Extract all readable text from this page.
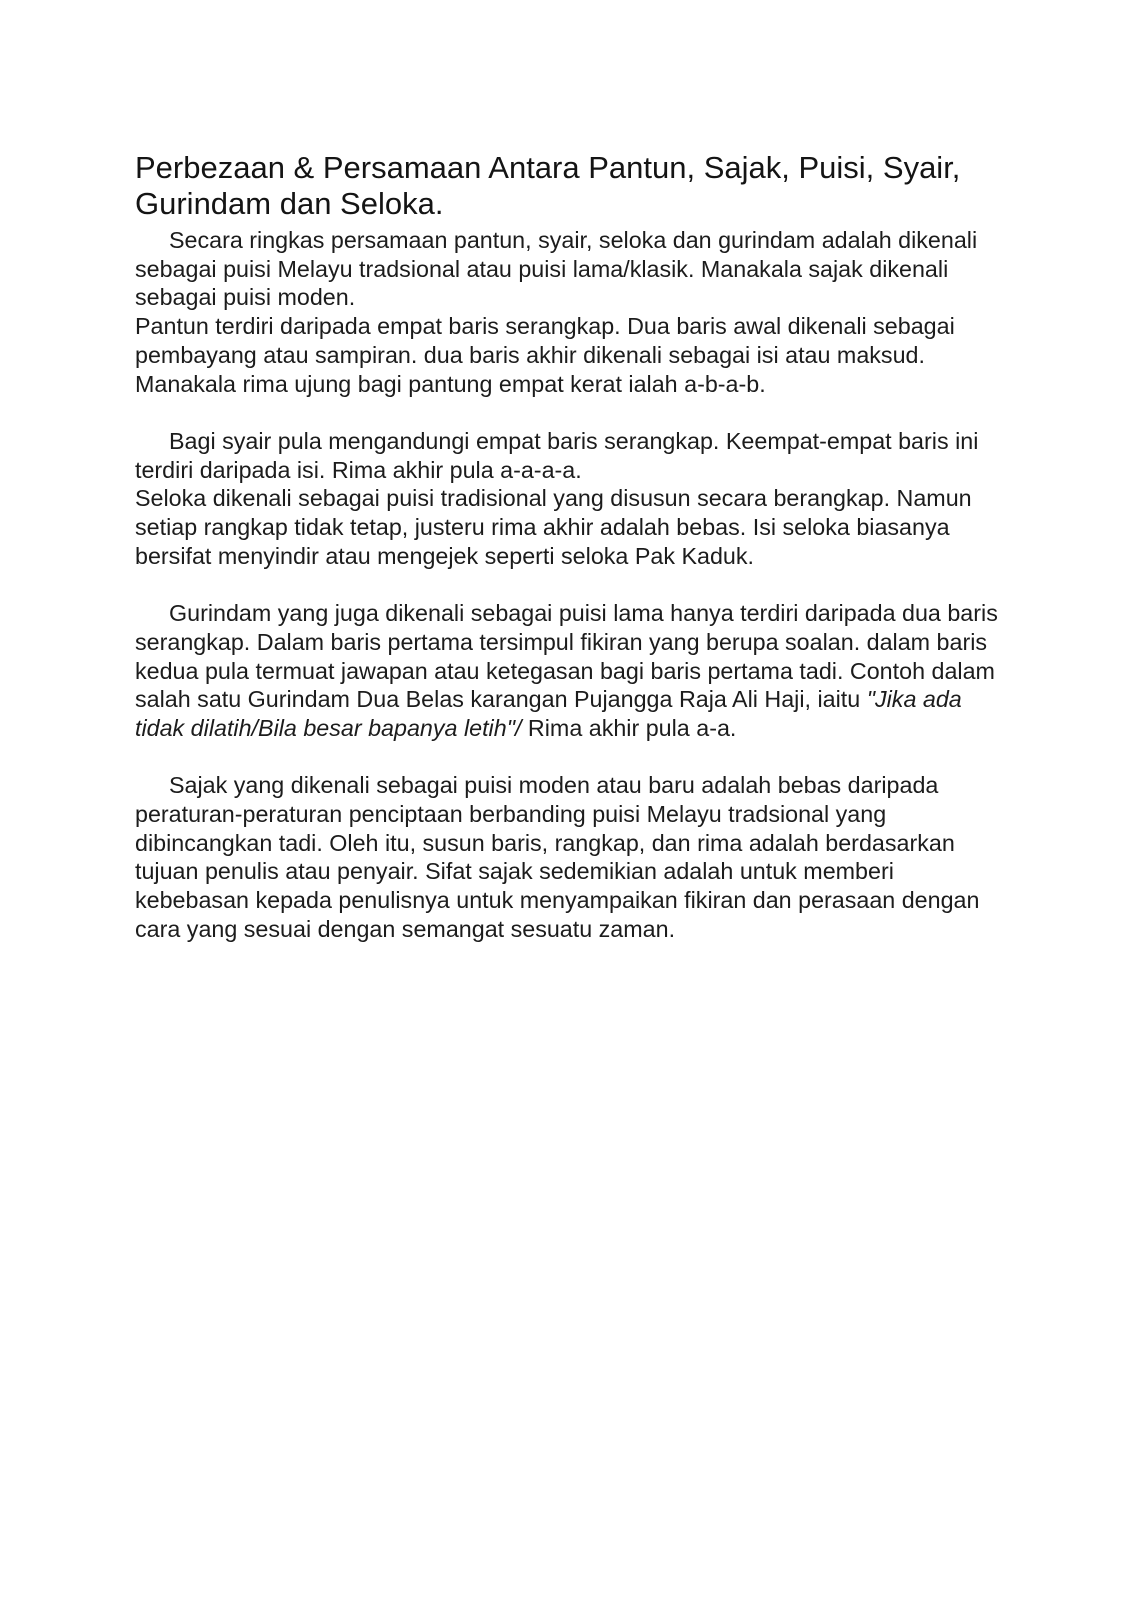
Perbezaan & Persamaan Antara Pantun, Sajak, Puisi, Syair, Gurindam dan Seloka.

Secara ringkas persamaan pantun, syair, seloka dan gurindam adalah dikenali sebagai puisi Melayu tradsional atau puisi lama/klasik. Manakala sajak dikenali sebagai puisi moden.

Pantun terdiri daripada empat baris serangkap. Dua baris awal dikenali sebagai pembayang atau sampiran. dua baris akhir dikenali sebagai isi atau maksud. Manakala rima ujung bagi pantung empat kerat ialah a-b-a-b.

Bagi syair pula mengandungi empat baris serangkap. Keempat-empat baris ini terdiri daripada isi. Rima akhir pula a-a-a-a.

Seloka dikenali sebagai puisi tradisional yang disusun secara berangkap. Namun setiap rangkap tidak tetap, justeru rima akhir adalah bebas. Isi seloka biasanya bersifat menyindir atau mengejek seperti seloka Pak Kaduk.

Gurindam yang juga dikenali sebagai puisi lama hanya terdiri daripada dua baris serangkap. Dalam baris pertama tersimpul fikiran yang berupa soalan. dalam baris kedua pula termuat jawapan atau ketegasan bagi baris pertama tadi. Contoh dalam salah satu Gurindam Dua Belas karangan Pujangga Raja Ali Haji, iaitu "Jika ada tidak dilatih/Bila besar bapanya letih"/ Rima akhir pula a-a.

Sajak yang dikenali sebagai puisi moden atau baru adalah bebas daripada peraturan-peraturan penciptaan berbanding puisi Melayu tradsional yang dibincangkan tadi. Oleh itu, susun baris, rangkap, dan rima adalah berdasarkan tujuan penulis atau penyair. Sifat sajak sedemikian adalah untuk memberi kebebasan kepada penulisnya untuk menyampaikan fikiran dan perasaan dengan cara yang sesuai dengan semangat sesuatu zaman.
